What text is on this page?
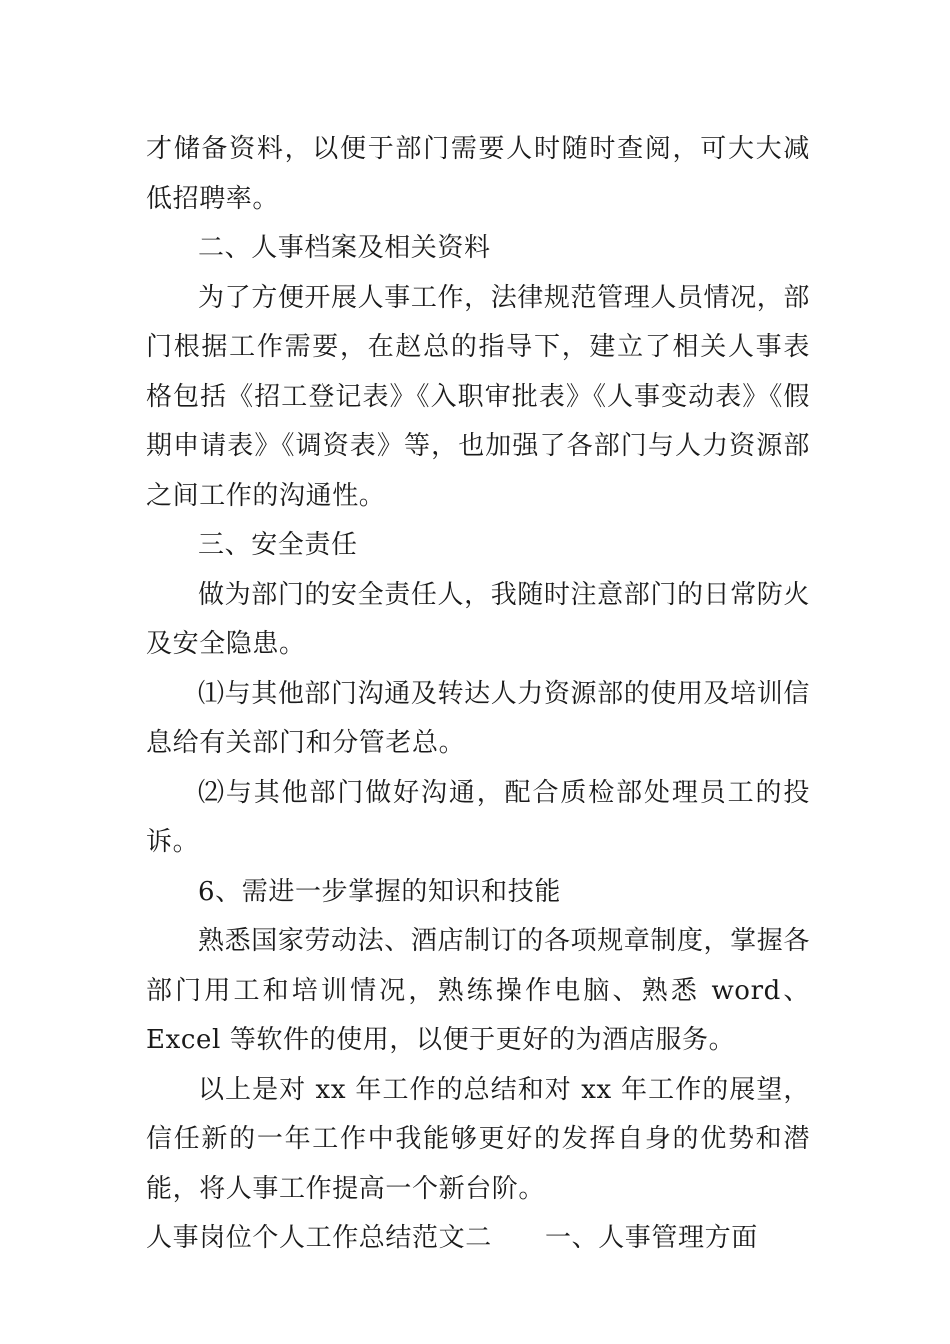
才储备资料，以便于部门需要人时随时查阅，可大大减低招聘率。

二、人事档案及相关资料

为了方便开展人事工作，法律规范管理人员情况，部门根据工作需要，在赵总的指导下，建立了相关人事表格包括《招工登记表》《入职审批表》《人事变动表》《假期申请表》《调资表》等，也加强了各部门与人力资源部之间工作的沟通性。

三、安全责任

做为部门的安全责任人，我随时注意部门的日常防火及安全隐患。

⑴与其他部门沟通及转达人力资源部的使用及培训信息给有关部门和分管老总。

⑵与其他部门做好沟通，配合质检部处理员工的投诉。

6、需进一步掌握的知识和技能

熟悉国家劳动法、酒店制订的各项规章制度，掌握各部门用工和培训情况，熟练操作电脑、熟悉 word、Excel 等软件的使用，以便于更好的为酒店服务。

以上是对 xx 年工作的总结和对 xx 年工作的展望，信任新的一年工作中我能够更好的发挥自身的优势和潜能，将人事工作提高一个新台阶。

人事岗位个人工作总结范文二　　一、人事管理方面
